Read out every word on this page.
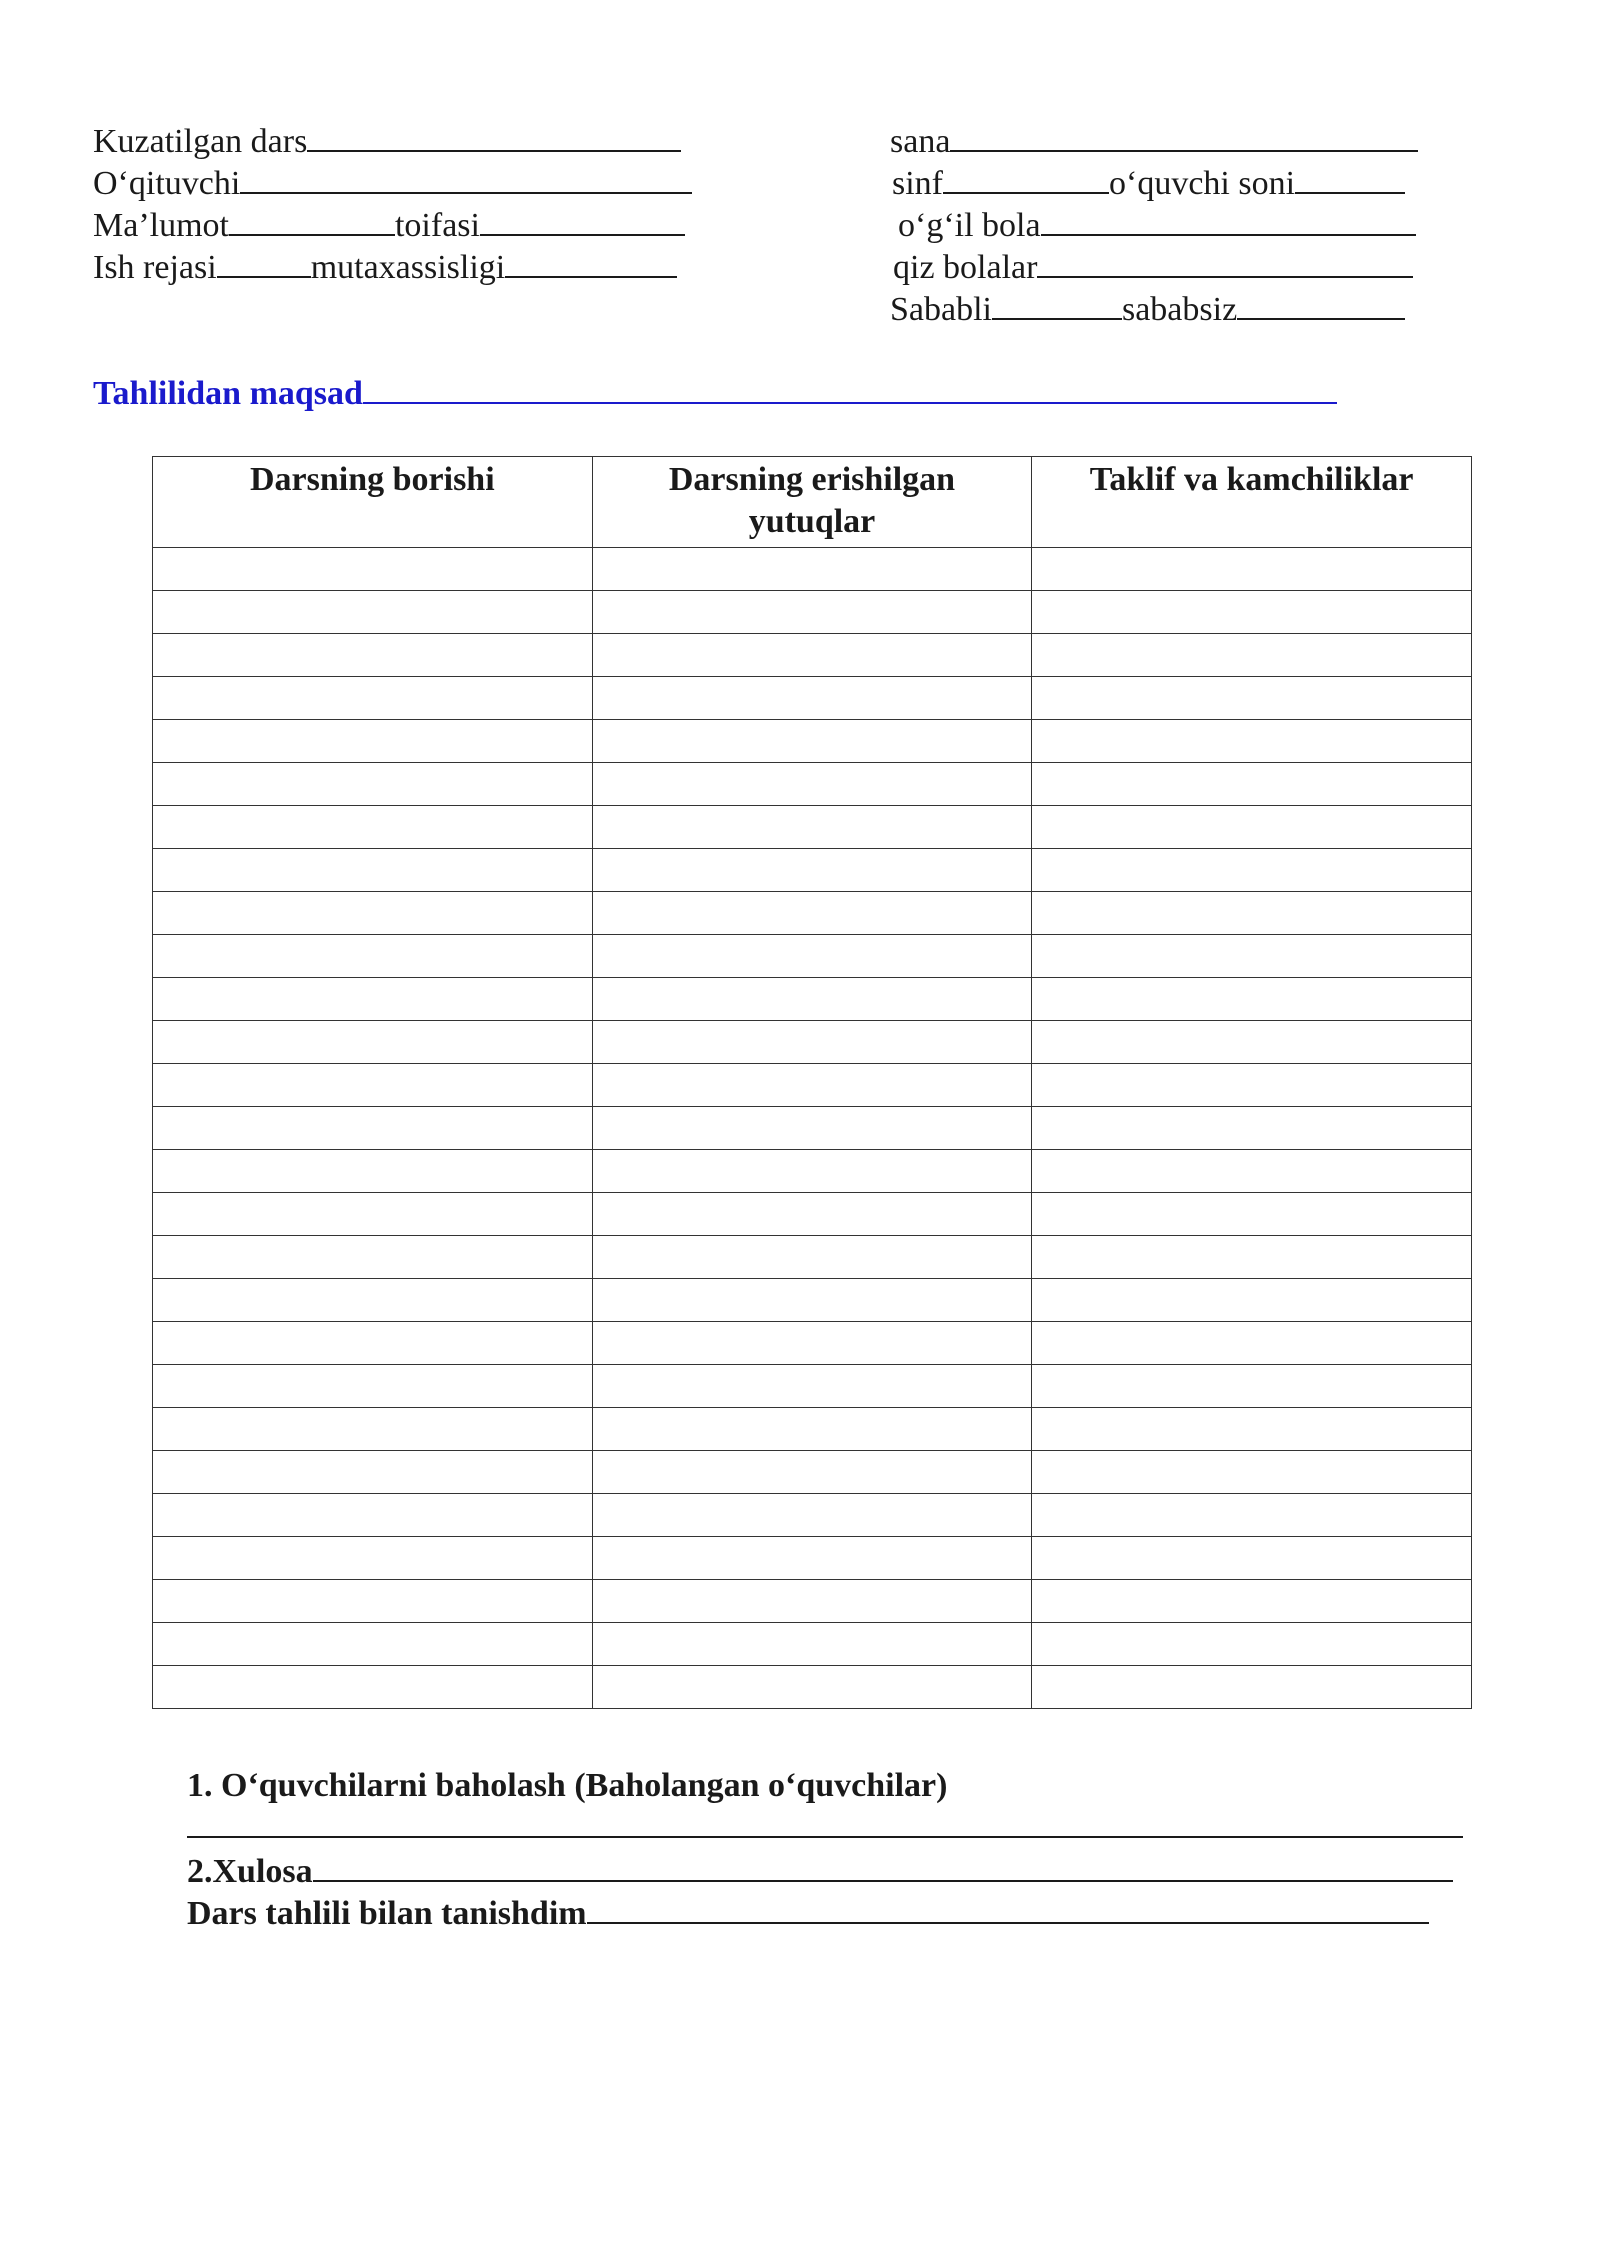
Kuzatilgan dars
Oʻqituvchi
Ma’lumot	toifasi
Ish rejasi	mutaxassisligi
sana
sinf	oʻquvchi soni
oʻgʻil bola
qiz bolalar
Sababli	sababsiz
Tahlilidan maqsad
Darsning borishi	Darsning erishilgan yutuqlar	Taklif va kamchiliklar

1. Oʻquvchilarni baholash (Baholangan oʻquvchilar)
2.Xulosa
Dars tahlili bilan tanishdim
